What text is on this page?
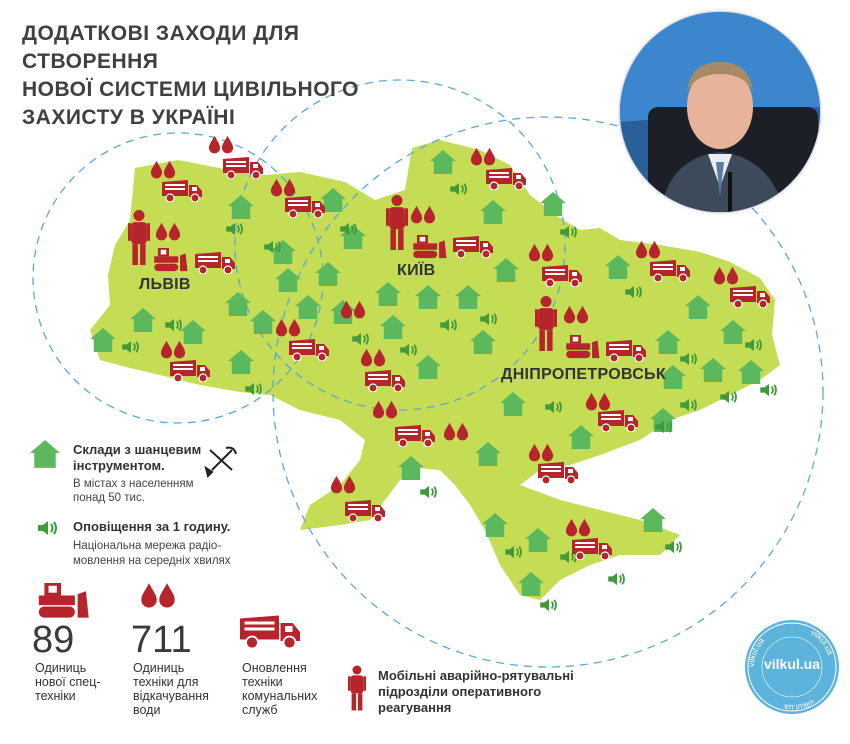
ДОДАТКОВІ ЗАХОДИ ДЛЯ СТВОРЕННЯ
НОВОЇ СИСТЕМИ ЦИВІЛЬНОГО
ЗАХИСТУ В УКРАЇНІ
ЛЬВІВ
КИЇВ
ДНІПРОПЕТРОВСЬК
Склади з шанцевим
інструментом.
В містах з населенням
понад 50 тис.
Оповіщення за 1 годину.
Національна мережа радіо-
мовлення на середніх хвилях
89
Одиниць
нової спец-
техніки
711
Одиниць
техніки для
відкачування
води
Оновлення
техніки
комунальних
служб
Мобільні аварійно-рятувальні
підрозділи оперативного
реагування
vilkul.ua
vilkul.ua
vilkul.ua
vilkul.ua
